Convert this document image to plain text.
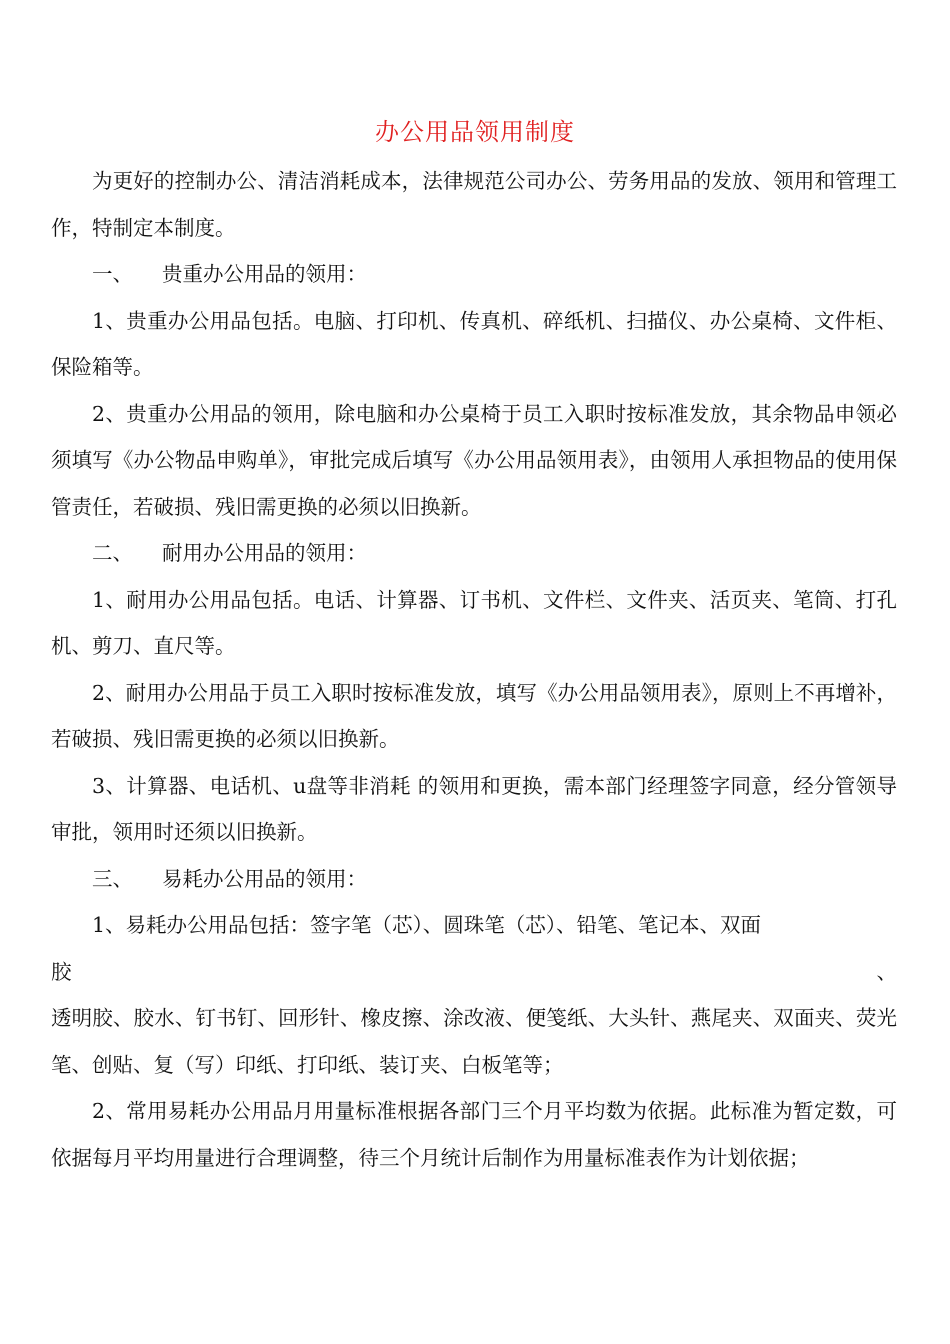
办公用品领用制度

为更好的控制办公、清洁消耗成本，法律规范公司办公、劳务用品的发放、领用和管理工作，特制定本制度。

一、 贵重办公用品的领用：

1、贵重办公用品包括。电脑、打印机、传真机、碎纸机、扫描仪、办公桌椅、文件柜、保险箱等。

2、贵重办公用品的领用，除电脑和办公桌椅于员工入职时按标准发放，其余物品申领必须填写《办公物品申购单》，审批完成后填写《办公用品领用表》，由领用人承担物品的使用保管责任，若破损、残旧需更换的必须以旧换新。

二、 耐用办公用品的领用：

1、耐用办公用品包括。电话、计算器、订书机、文件栏、文件夹、活页夹、笔筒、打孔机、剪刀、直尺等。

2、耐用办公用品于员工入职时按标准发放，填写《办公用品领用表》，原则上不再增补，若破损、残旧需更换的必须以旧换新。

3、计算器、电话机、u盘等非消耗 的领用和更换，需本部门经理签字同意，经分管领导审批，领用时还须以旧换新。

三、 易耗办公用品的领用：

1、易耗办公用品包括：签字笔（芯）、圆珠笔（芯）、铅笔、笔记本、双面

胶	、

透明胶、胶水、钉书钉、回形针、橡皮擦、涂改液、便笺纸、大头针、燕尾夹、双面夹、荧光笔、创贴、复（写）印纸、打印纸、装订夹、白板笔等；

2、常用易耗办公用品月用量标准根据各部门三个月平均数为依据。此标准为暂定数，可依据每月平均用量进行合理调整，待三个月统计后制作为用量标准表作为计划依据；
